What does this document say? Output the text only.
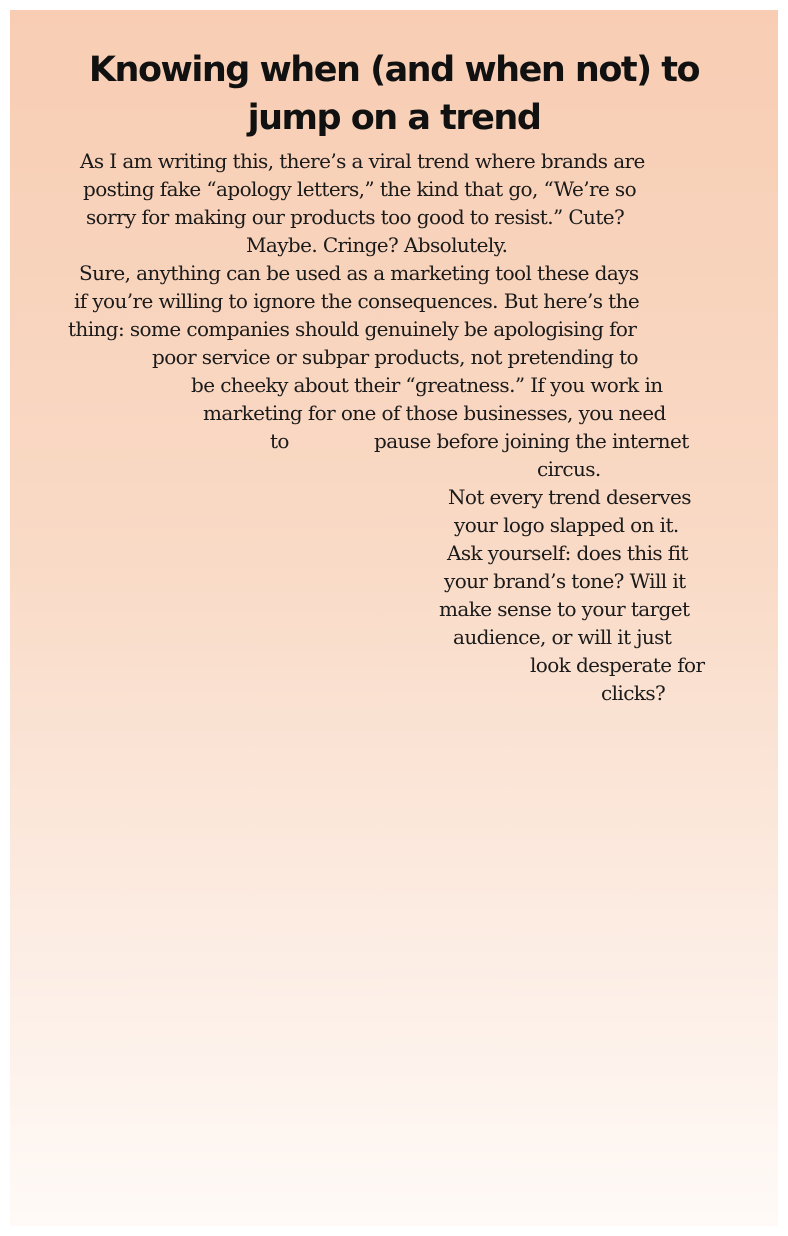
Knowing when (and when not) to jump on a trend
As I am writing this, there’s a viral trend where brands are
posting fake “apology letters,” the kind that go, “We’re so
sorry for making our products too good to resist.” Cute?
Maybe. Cringe? Absolutely.
Sure, anything can be used as a marketing tool these days
if you’re willing to ignore the consequences. But here’s the
thing: some companies should genuinely be apologising for
poor service or subpar products, not pretending to
be cheeky about their “greatness.” If you work in
marketing for one of those businesses, you need
to	pause before joining the internet
circus.
Not every trend deserves
your logo slapped on it.
Ask yourself: does this fit
your brand’s tone? Will it
make sense to your target
audience, or will it just
look desperate for
clicks?
